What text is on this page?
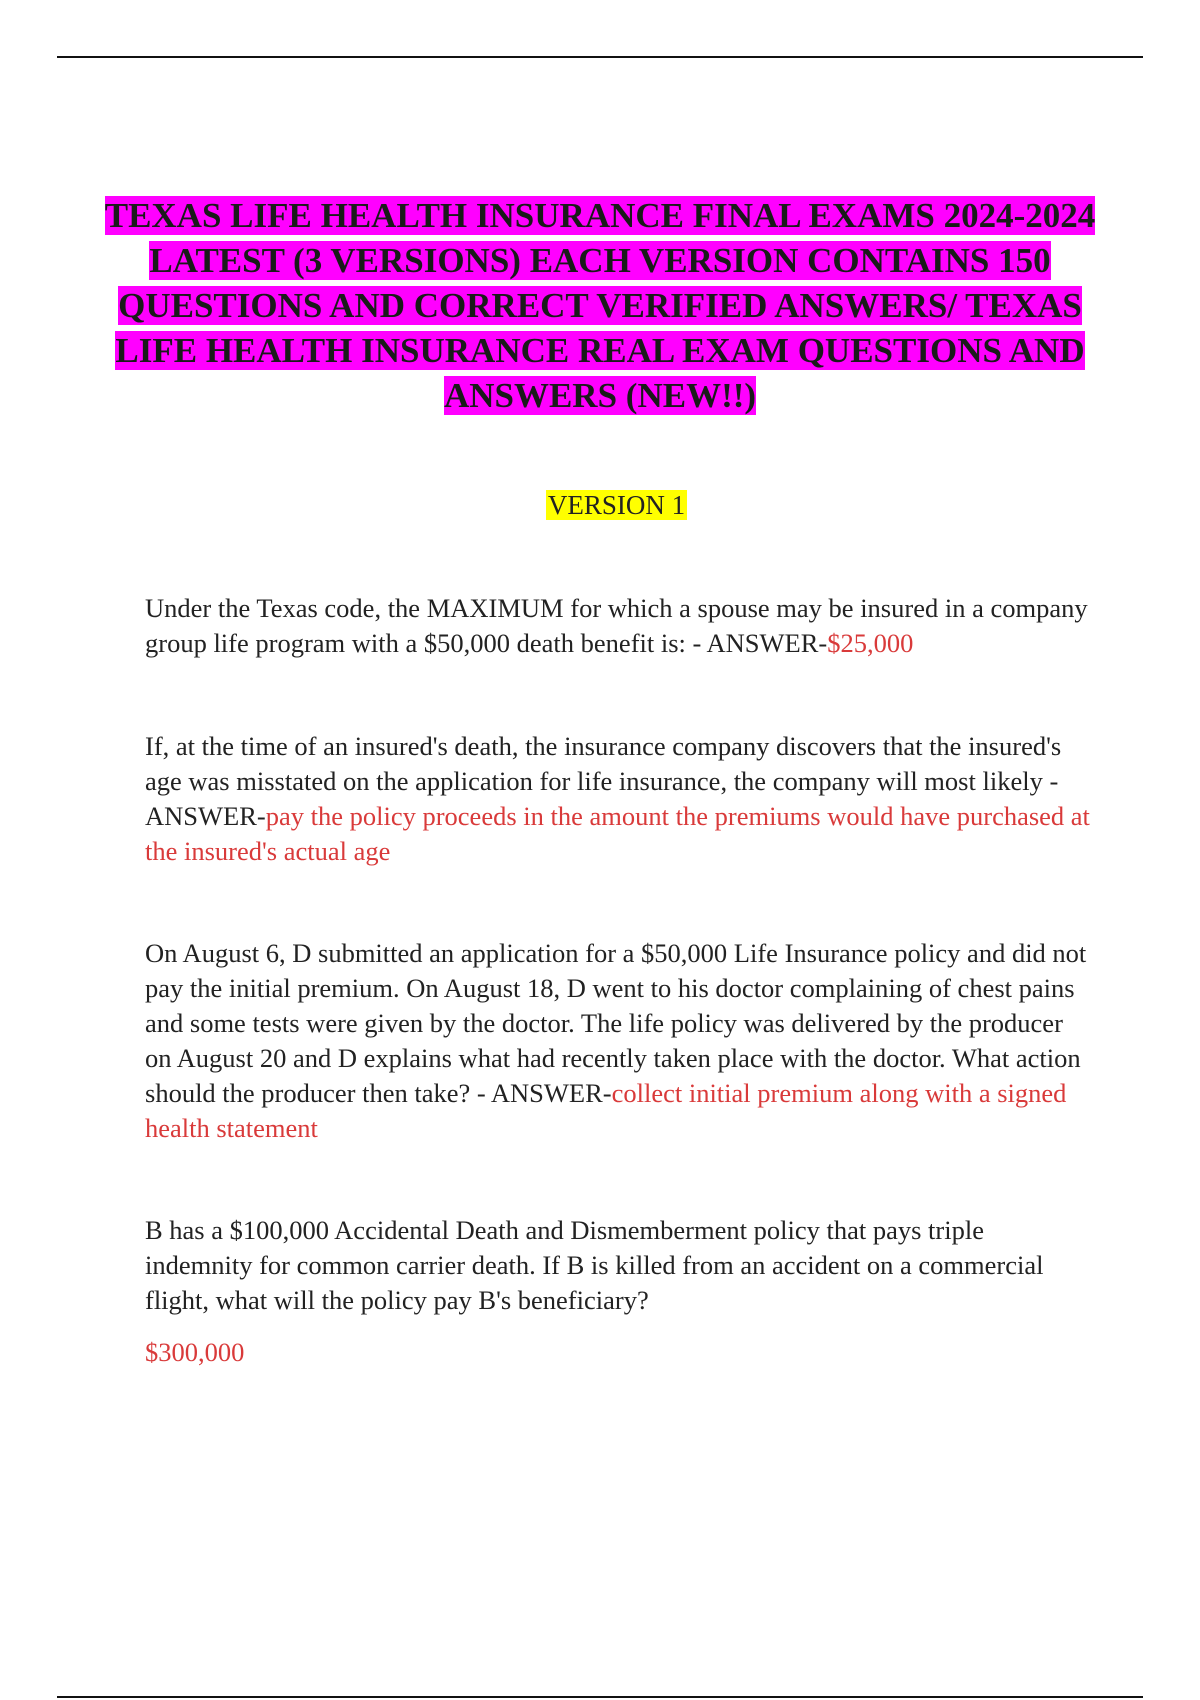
TEXAS LIFE HEALTH INSURANCE FINAL EXAMS 2024-2024 LATEST (3 VERSIONS) EACH VERSION CONTAINS 150 QUESTIONS AND CORRECT VERIFIED ANSWERS/ TEXAS LIFE HEALTH INSURANCE REAL EXAM QUESTIONS AND ANSWERS (NEW!!)
VERSION 1

Under the Texas code, the MAXIMUM for which a spouse may be insured in a company group life program with a $50,000 death benefit is: - ANSWER-$25,000

If, at the time of an insured's death, the insurance company discovers that the insured's age was misstated on the application for life insurance, the company will most likely - ANSWER-pay the policy proceeds in the amount the premiums would have purchased at the insured's actual age

On August 6, D submitted an application for a $50,000 Life Insurance policy and did not pay the initial premium. On August 18, D went to his doctor complaining of chest pains and some tests were given by the doctor. The life policy was delivered by the producer on August 20 and D explains what had recently taken place with the doctor. What action should the producer then take? - ANSWER-collect initial premium along with a signed health statement

B has a $100,000 Accidental Death and Dismemberment policy that pays triple indemnity for common carrier death. If B is killed from an accident on a commercial flight, what will the policy pay B's beneficiary?

$300,000
